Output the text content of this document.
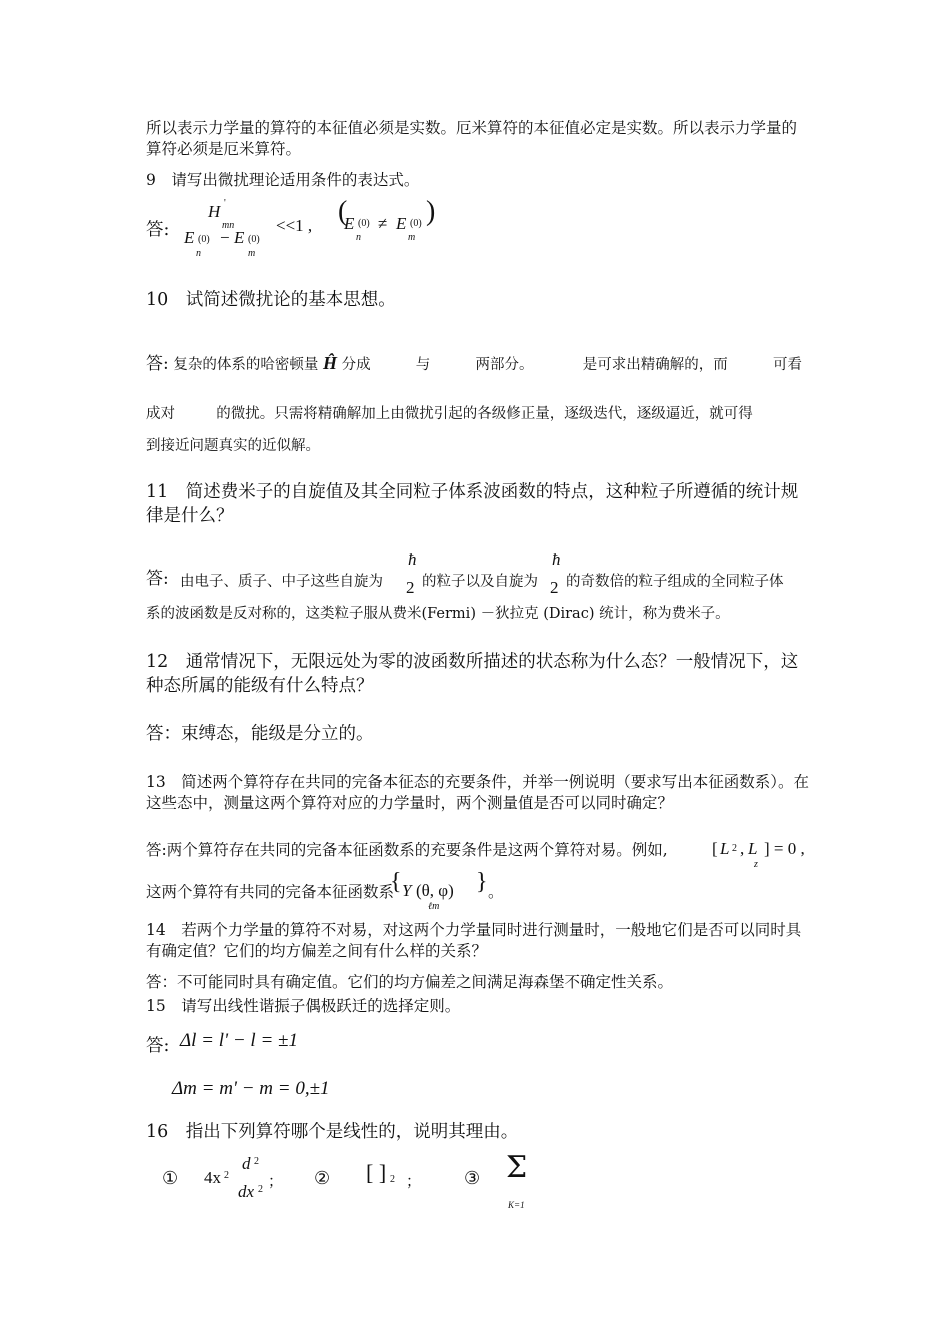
所以表示力学量的算符的本征值必须是实数。厄米算符的本征值必定是实数。所以表示力学量的算符必须是厄米算符。

9　请写出微扰理论适用条件的表达式。

答:
H '
mn
E (0)
n
− E (0)
m
<<1 , (
E (0)
n
≠ E (0)
m
)

10　试简述微扰论的基本思想。

答: 复杂的体系的哈密顿量 Ĥ 分成	与	两部分。	是可求出精确解的，而	可看
成对	的微扰。只需将精确解加上由微扰引起的各级修正量，逐级迭代，逐级逼近，就可得

到接近问题真实的近似解。

11　简述费米子的自旋值及其全同粒子体系波函数的特点，这种粒子所遵循的统计规律是什么？

答: 由电子、质子、中子这些自旋为
ħ
2 的粒子以及自旋为
ħ
2 的奇数倍的粒子组成的全同粒子体

系的波函数是反对称的，这类粒子服从费米(Fermi) －狄拉克 (Dirac) 统计，称为费米子。

12　通常情况下，无限远处为零的波函数所描述的状态称为什么态？一般情况下，这种态所属的能级有什么特点？

答：束缚态，能级是分立的。

13　简述两个算符存在共同的完备本征态的充要条件，并举一例说明（要求写出本征函数系）。在这些态中，测量这两个算符对应的力学量时，两个测量值是否可以同时确定？

答:两个算符存在共同的完备本征函数系的充要条件是这两个算符对易。例如,	[ L 2 , L
z
] = 0 ,
这两个算符有共同的完备本征函数系
{ Y
ℓm
(θ, φ) } 。

14　若两个力学量的算符不对易，对这两个力学量同时进行测量时，一般地它们是否可以同时具有确定值？它们的均方偏差之间有什么样的关系？

答：不可能同时具有确定值。它们的均方偏差之间满足海森堡不确定性关系。

15　请写出线性谐振子偶极跃迁的选择定则。

答: Δl = l' − l = ±1
Δm = m' − m = 0,±1

16　指出下列算符哪个是线性的，说明其理由。

① 4x 2
d 2
dx 2 ； ② [ ] 2 ； ③ Σ
K=1
